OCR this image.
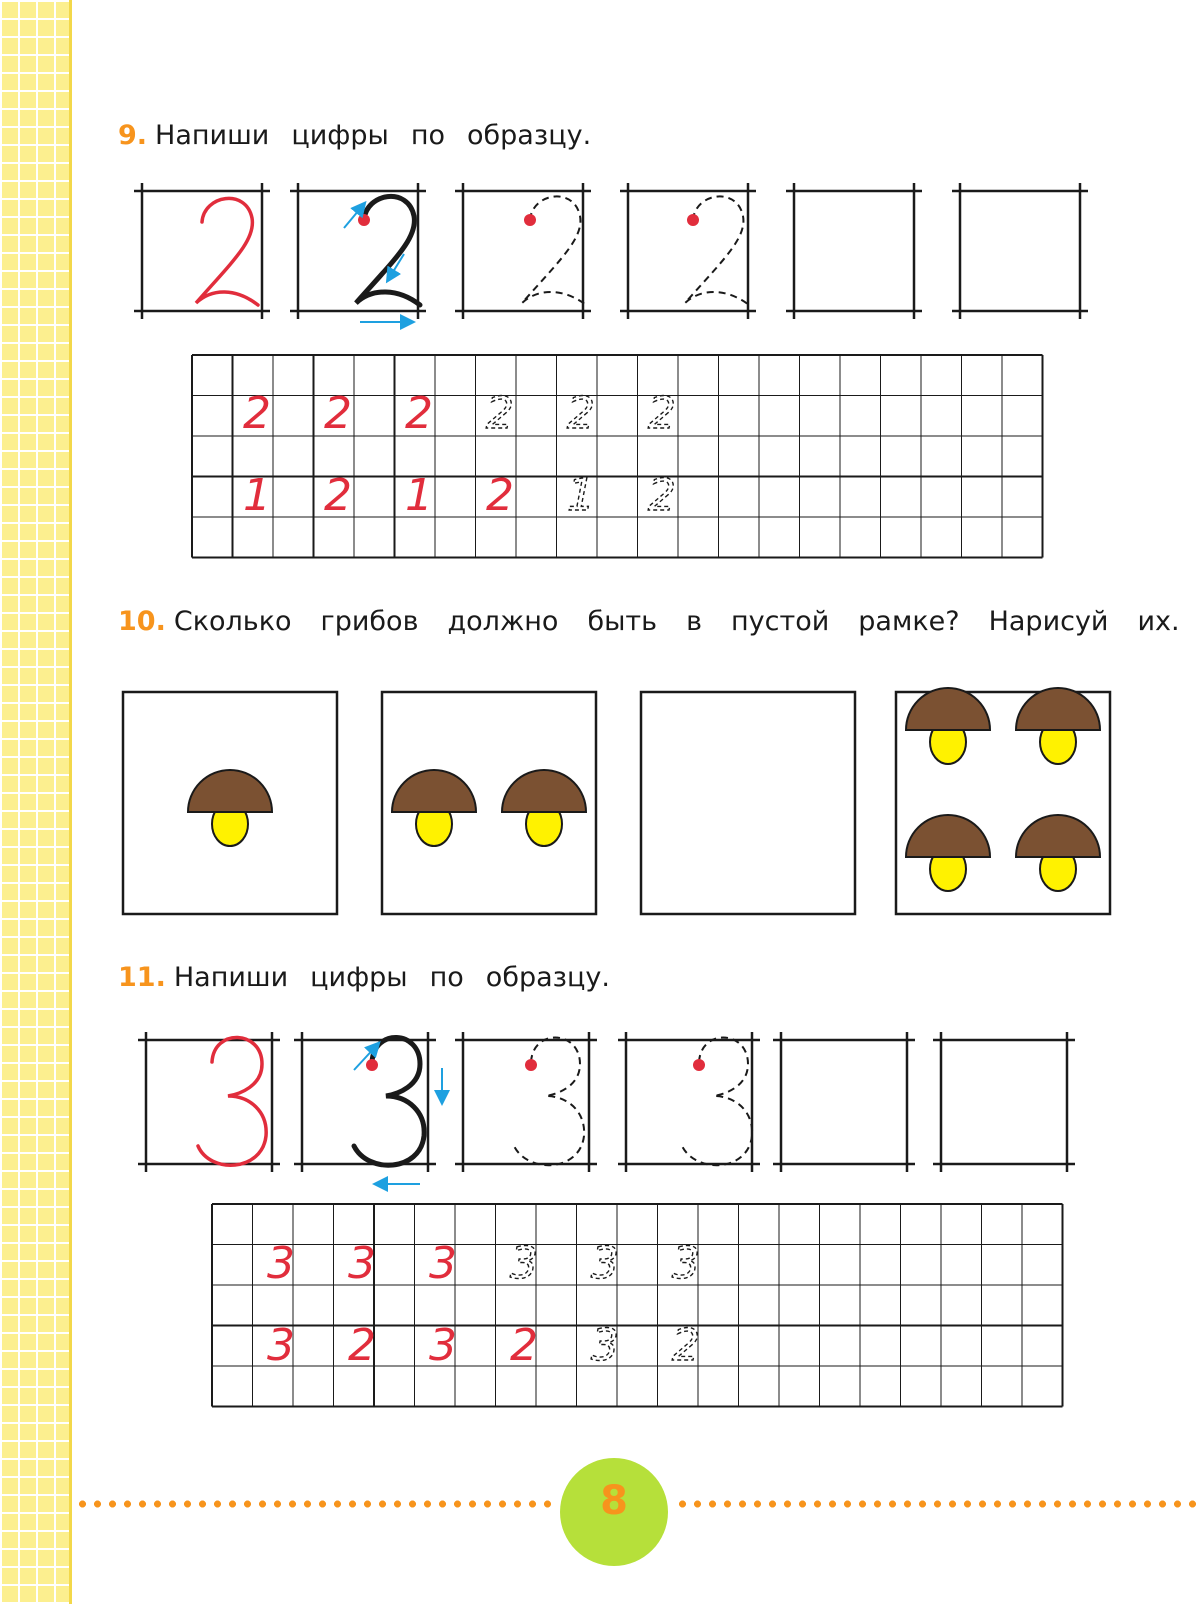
9. Напиши цифры по образцу.
10. Сколько грибов должно быть в пустой рамке? Нарисуй их.
11. Напиши цифры по образцу.
2 2 2 2 2 2
1 2 1 2 1 2
3 3 3 3 3 3
3 2 3 2 3 2
8
